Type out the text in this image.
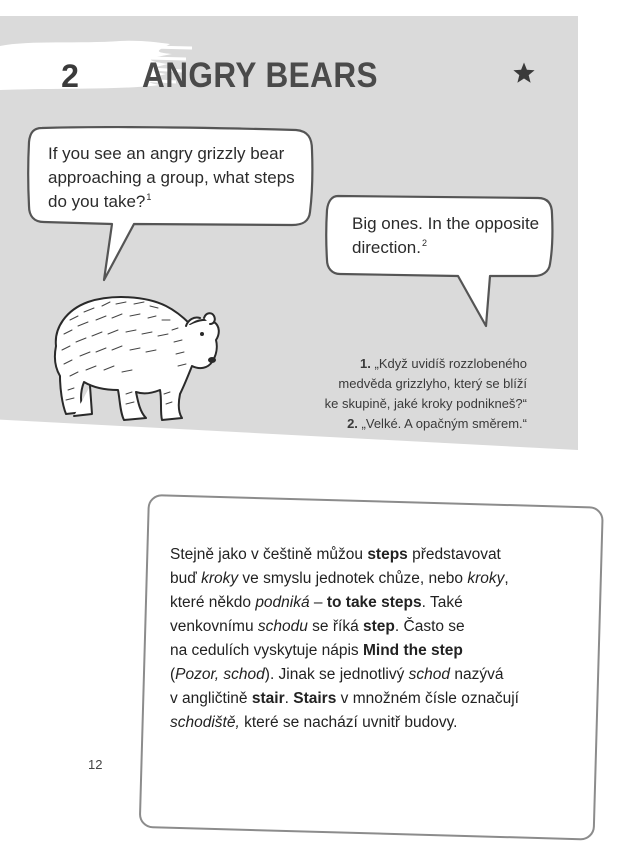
2 ANGRY BEARS
If you see an angry grizzly bear
approaching a group, what steps
do you take?$^1$
Big ones. In the opposite
direction.$^2$
1. „Když uvidíš rozzlobeného
medvěda grizzlyho, který se blíží
ke skupině, jaké kroky podnikneš?“
2. „Velké. A opačným směrem.“

Stejně jako v češtině můžou steps představovat

buď kroky ve smyslu jednotek chůze, nebo kroky,

které někdo podniká – to take steps. Také

venkovnímu schodu se říká step. Často se

na cedulích vyskytuje nápis Mind the step

(Pozor, schod). Jinak se jednotlivý schod nazývá

v angličtině stair. Stairs v množném čísle označují

schodiště, které se nachází uvnitř budovy.

12
